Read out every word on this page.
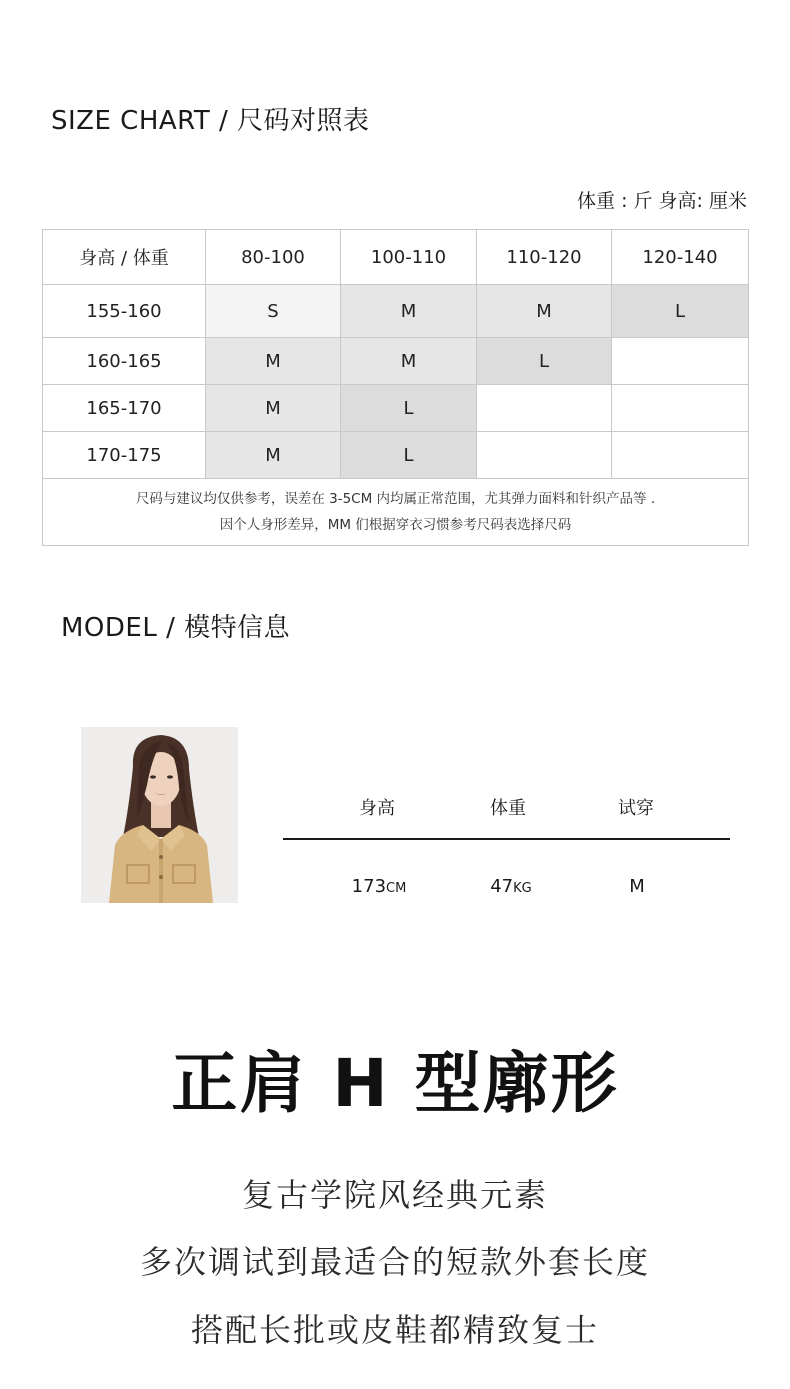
SIZE CHART / 尺码对照表
体重 : 斤 身高: 厘米
身高 / 体重	80-100	100-110	110-120	120-140
155-160	S	M	M	L
160-165	M	M	L	
165-170	M	L		
170-175	M	L		

尺码与建议均仅供参考，误差在 3-5CM 内均属正常范围，尤其弹力面料和针织产品等 .
因个人身形差异，MM 们根据穿衣习惯参考尺码表选择尺码				
MODEL / 模特信息
身高	体重	试穿
173CM	47KG	M
正肩 H 型廓形
复古学院风经典元素
多次调试到最适合的短款外套长度
搭配长批或皮鞋都精致复士
